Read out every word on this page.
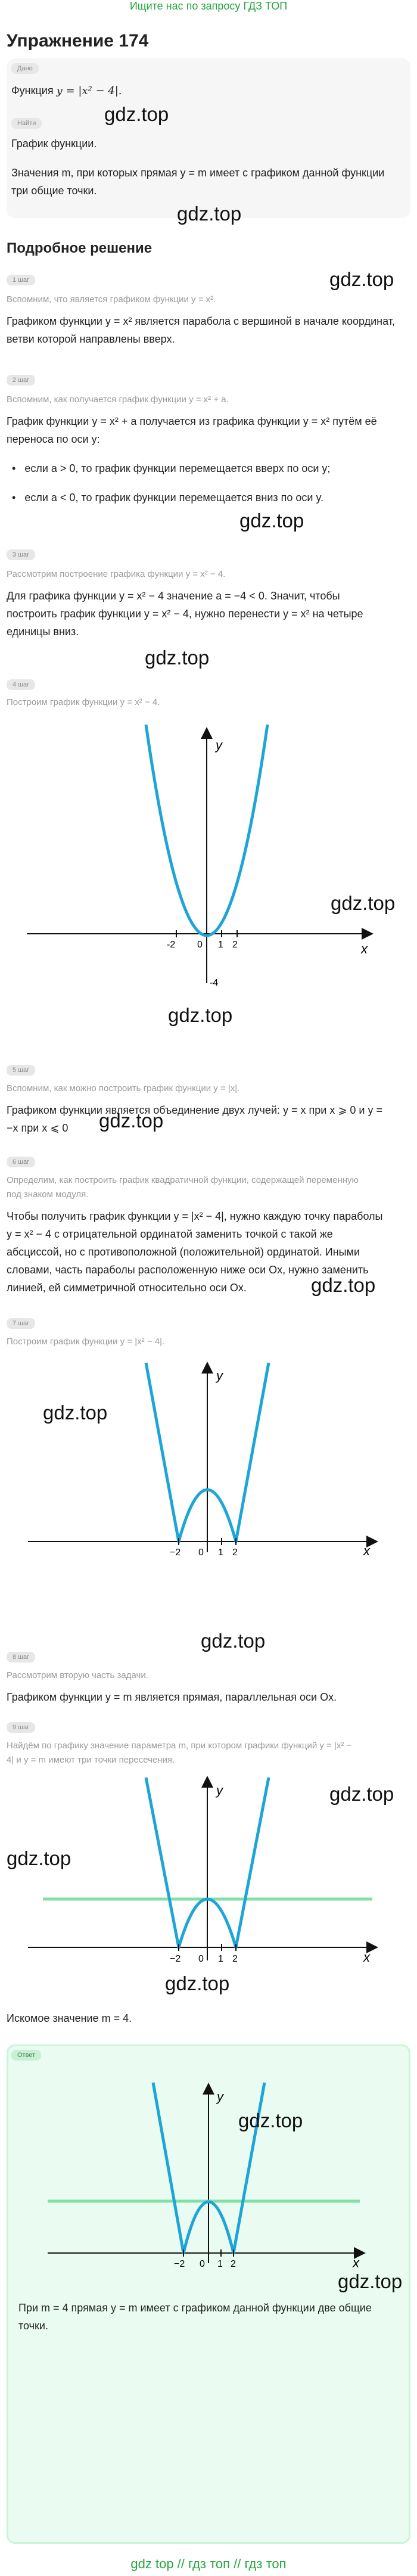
Ищите нас по запросу ГДЗ ТОП
Упражнение 174
Дано
Функция y = |x² − 4|.
Найти
График функции.
Значения m, при которых прямая y = m имеет с графиком данной функции
три общие точки.
gdz.top
gdz.top
Подробное решение
1 шаг	gdz.top
Вспомним, что является графиком функции y = x².
Графиком функции y = x² является парабола с вершиной в начале координат,
ветви которой направлены вверх.
2 шаг
Вспомним, как получается график функции y = x² + a.
График функции y = x² + a получается из графика функции y = x² путём её
переноса по оси y:
•   если a > 0, то график функции перемещается вверх по оси y;
•   если a < 0, то график функции перемещается вниз по оси y.
gdz.top
3 шаг
Рассмотрим построение графика функции y = x² − 4.
Для графика функции y = x² − 4 значение a = −4 < 0. Значит, чтобы
построить график функции y = x² − 4, нужно перенести y = x² на четыре
единицы вниз.
gdz.top
4 шаг
Построим график функции y = x² − 4.
y
x
-2 0 1 2
-4
gdz.top
gdz.top
5 шаг
Вспомним, как можно построить график функции y = |x|.
Графиком функции является объединение двух лучей: y = x при x ⩾ 0 и y =
−x при x ⩽ 0 gdz.top
6 шаг
Определим, как построить график квадратичной функции, содержащей переменную
под знаком модуля.
Чтобы получить график функции y = |x² − 4|, нужно каждую точку параболы
y = x² − 4 с отрицательной ординатой заменить точкой с такой же
абсциссой, но с противоположной (положительной) ординатой. Иными
словами, часть параболы расположенную ниже оси Ox, нужно заменить
линией, ей симметричной относительно оси Ox.	gdz.top
7 шаг
Построим график функции y = |x² − 4|.
y
x
−2 0 1 2
gdz.top
gdz.top
8 шаг
Рассмотрим вторую часть задачи.
Графиком функции y = m является прямая, параллельная оси Ox.
9 шаг
Найдём по графику значение параметра m, при котором графики функций y = |x² −
4| и y = m имеют три точки пересечения.
y
x
−2 0 1 2
gdz.top
gdz.top
gdz.top
Искомое значение m = 4.
Ответ
y
x
−2 0 1 2
gdz.top
gdz.top
При m = 4 прямая y = m имеет с графиком данной функции две общие
точки.
gdz top // гдз топ // гдз топ
